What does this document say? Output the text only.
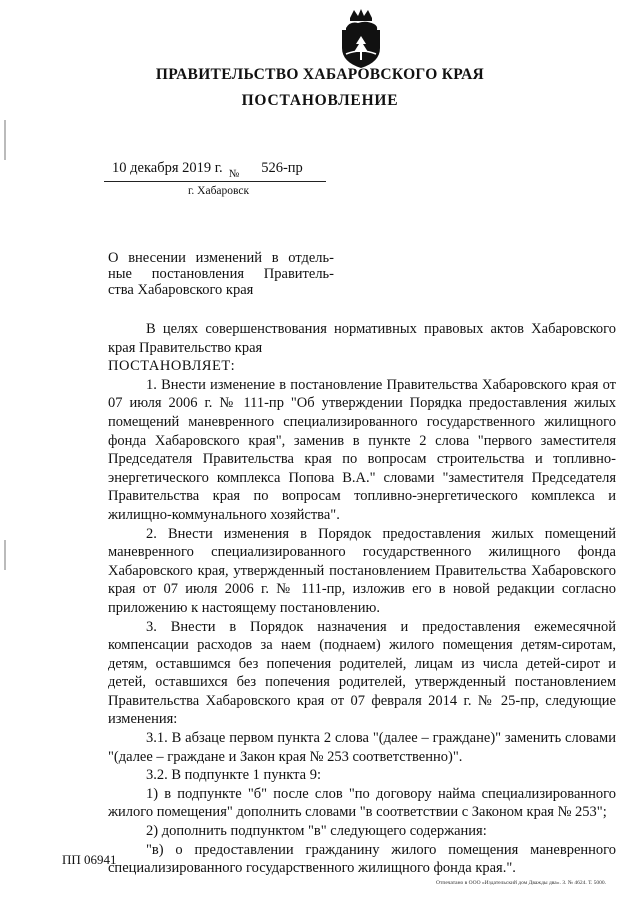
ПРАВИТЕЛЬСТВО ХАБАРОВСКОГО КРАЯ
ПОСТАНОВЛЕНИЕ
10 декабря 2019 г. $_№$ 526-пр
г. Хабаровск
О внесении изменений в отдель-
ные постановления Правитель-
ства Хабаровского края

В целях совершенствования нормативных правовых актов Хабаровского края Правительство края

ПОСТАНОВЛЯЕТ:

1. Внести изменение в постановление Правительства Хабаровского края от 07 июля 2006 г. № 111-пр "Об утверждении Порядка предоставления жилых помещений маневренного специализированного государственного жилищного фонда Хабаровского края", заменив в пункте 2 слова "первого заместителя Председателя Правительства края по вопросам строительства и топливно-энергетического комплекса Попова В.А." словами "заместителя Председателя Правительства края по вопросам топливно-энергетического комплекса и жилищно-коммунального хозяйства".

2. Внести изменения в Порядок предоставления жилых помещений маневренного специализированного государственного жилищного фонда Хабаровского края, утвержденный постановлением Правительства Хабаровского края от 07 июля 2006 г. № 111-пр, изложив его в новой редакции согласно приложению к настоящему постановлению.

3. Внести в Порядок назначения и предоставления ежемесячной компенсации расходов за наем (поднаем) жилого помещения детям-сиротам, детям, оставшимся без попечения родителей, лицам из числа детей-сирот и детей, оставшихся без попечения родителей, утвержденный постановлением Правительства Хабаровского края от 07 февраля 2014 г. № 25-пр, следующие изменения:

3.1. В абзаце первом пункта 2 слова "(далее – граждане)" заменить словами "(далее – граждане и Закон края № 253 соответственно)".

3.2. В подпункте 1 пункта 9:

1) в подпункте "б" после слов "по договору найма специализированного жилого помещения" дополнить словами "в соответствии с Законом края № 253";

2) дополнить подпунктом "в" следующего содержания:

"в) о предоставлении гражданину жилого помещения маневренного специализированного государственного жилищного фонда края.".

ПП 06941
Отпечатано в ООО «Издательский дом Дважды два». З. № 4624. Т. 5000.
